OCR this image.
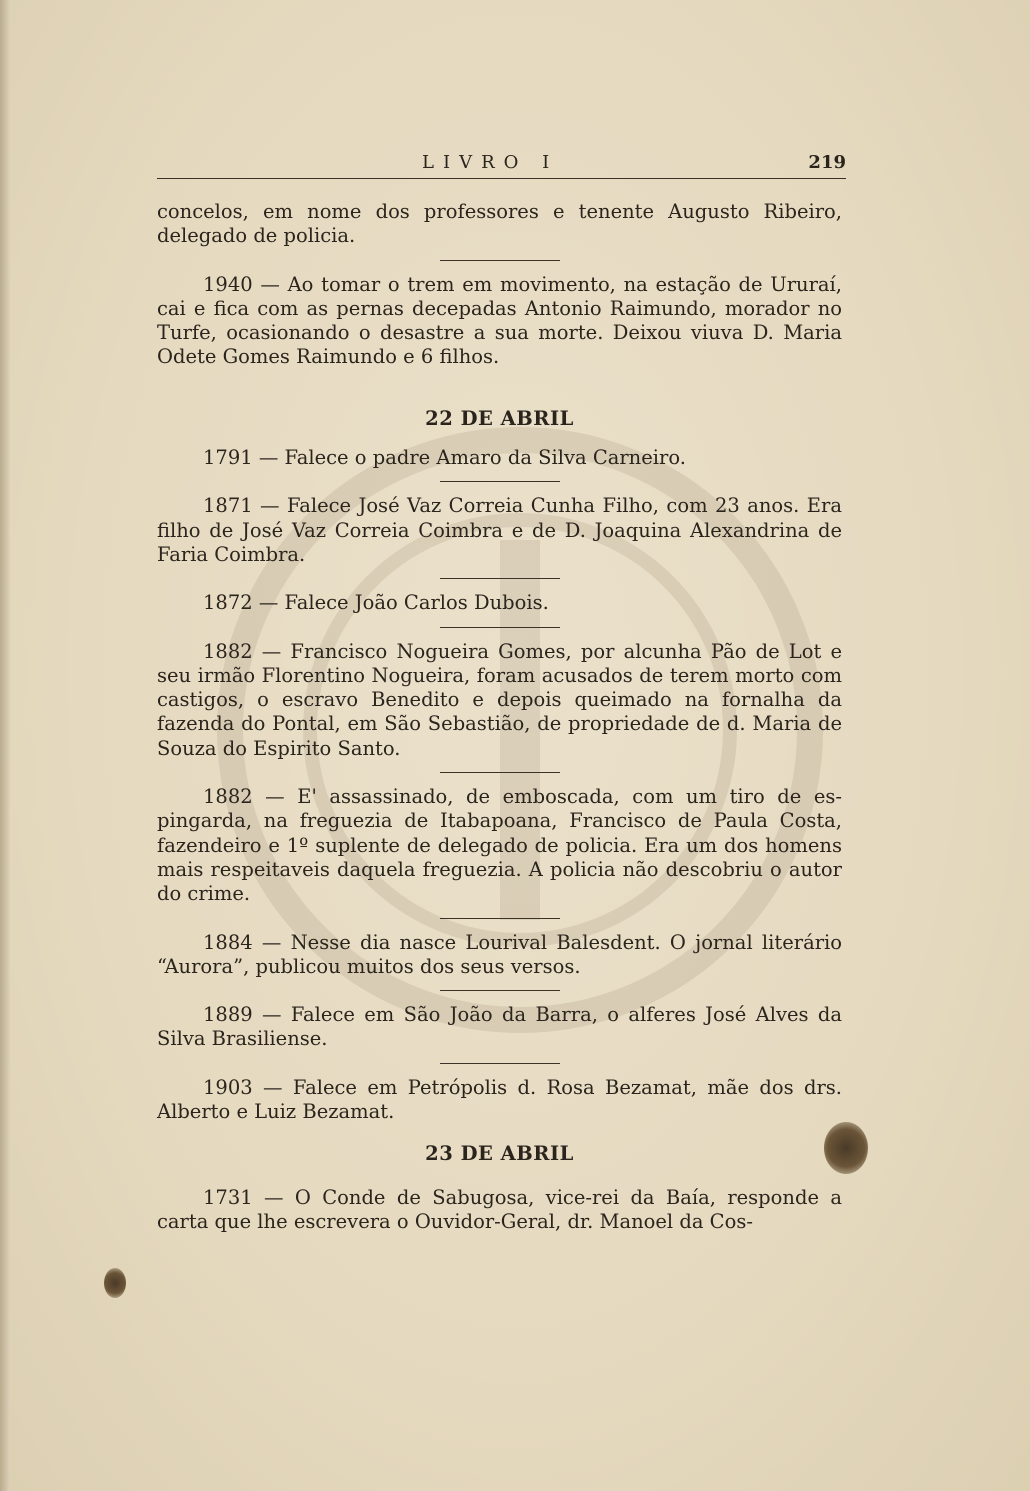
LIVRO I	219

concelos, em nome dos professores e tenente Augusto Ribeiro, delegado de policia.

1940 — Ao tomar o trem em movimento, na estação de Ururaí, cai e fica com as pernas decepadas Antonio Raimundo, morador no Turfe, ocasionando o desastre a sua morte. Deixou viuva D. Maria Odete Gomes Raimundo e 6 filhos.

22 DE ABRIL

1791 — Falece o padre Amaro da Silva Carneiro.

1871 — Falece José Vaz Correia Cunha Filho, com 23 anos. Era filho de José Vaz Correia Coimbra e de D. Joaquina Alexandrina de Faria Coimbra.

1872 — Falece João Carlos Dubois.

1882 — Francisco Nogueira Gomes, por alcunha Pão de Lot e seu irmão Florentino Nogueira, foram acusados de terem morto com castigos, o escravo Benedito e depois queimado na fornalha da fazenda do Pontal, em São Sebastião, de propriedade de d. Maria de Souza do Espirito Santo.

1882 — E' assassinado, de emboscada, com um tiro de espingarda, na freguezia de Itabapoana, Francisco de Paula Costa, fazendeiro e 1º suplente de delegado de policia. Era um dos homens mais respeitaveis daquela freguezia. A policia não descobriu o autor do crime.

1884 — Nesse dia nasce Lourival Balesdent. O jornal literário “Aurora”, publicou muitos dos seus versos.

1889 — Falece em São João da Barra, o alferes José Alves da Silva Brasiliense.

1903 — Falece em Petrópolis d. Rosa Bezamat, mãe dos drs. Alberto e Luiz Bezamat.

23 DE ABRIL

1731 — O Conde de Sabugosa, vice-rei da Baía, responde a carta que lhe escrevera o Ouvidor-Geral, dr. Manoel da Cos-
